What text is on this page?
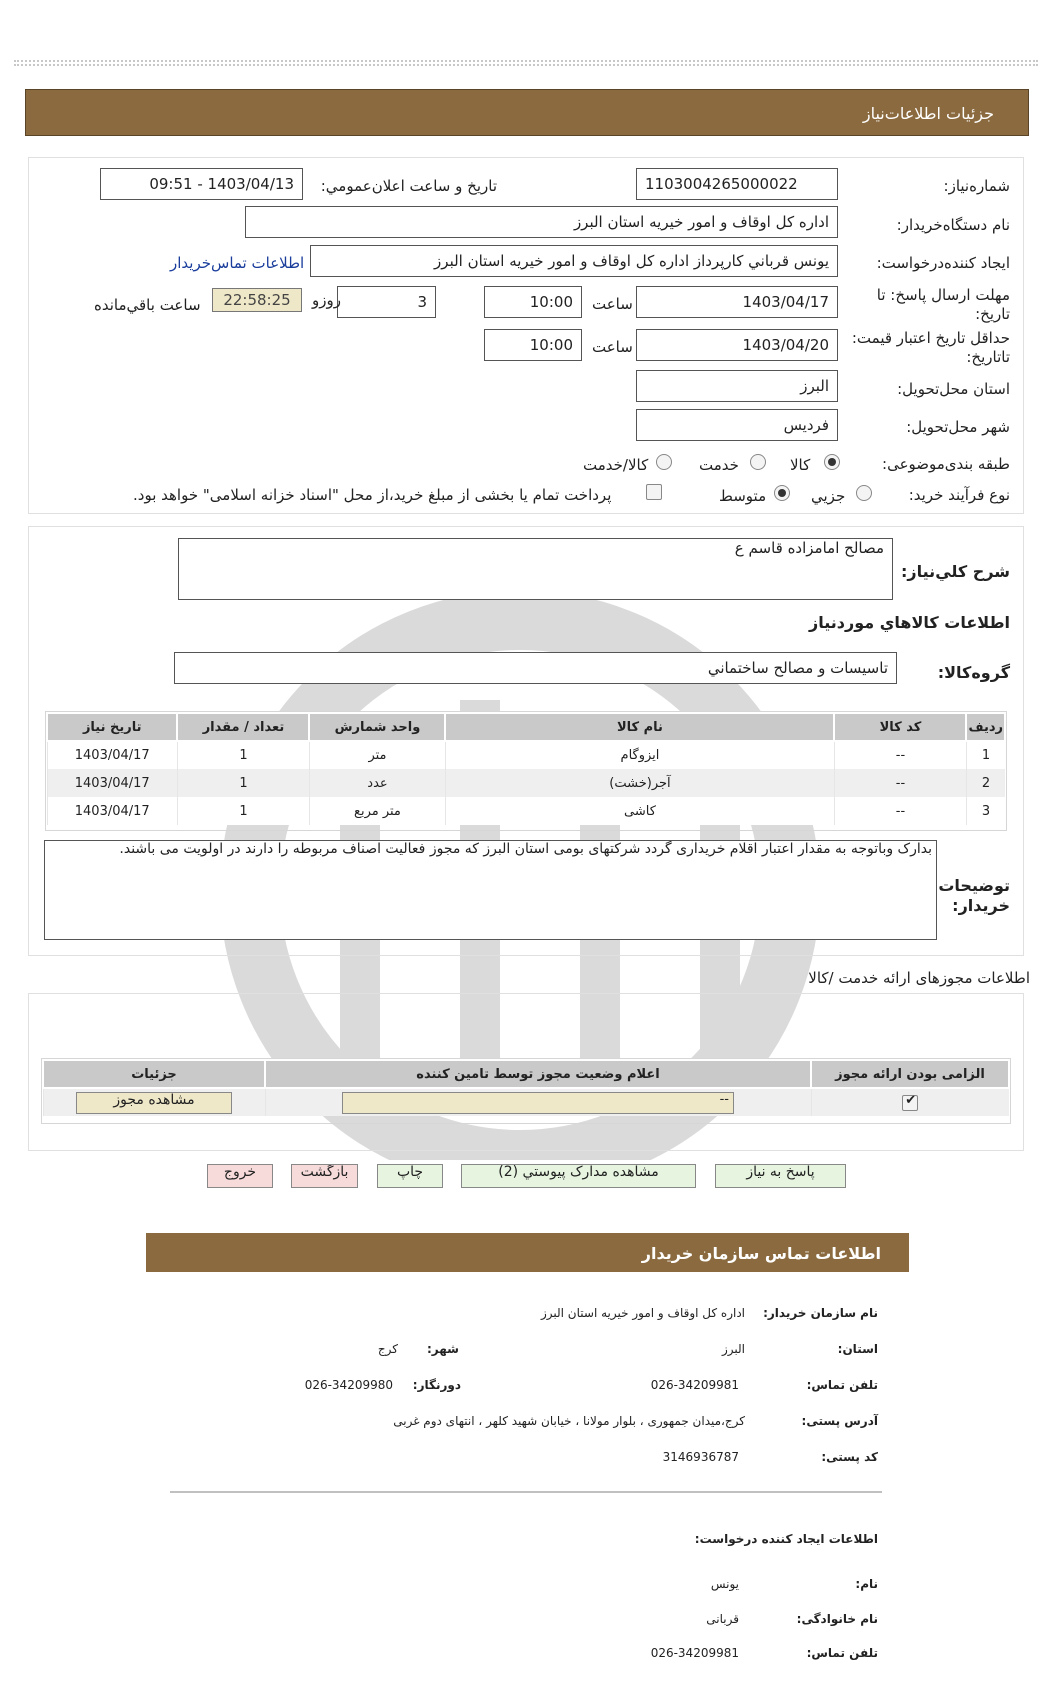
جزئیات اطلاعات‌نیاز
شماره‌نیاز:
1103004265000022
تاريخ و ساعت اعلان‌عمومي:
1403/04/13 - 09:51
نام دستگاه‌خريدار:
اداره کل اوقاف و امور خيريه استان البرز
ايجاد کننده‌درخواست:
يونس قرباني کارپرداز اداره کل اوقاف و امور خيريه استان البرز
اطلاعات تماس‌خريدار
مهلت ارسال پاسخ: تا تاريخ:
1403/04/17
ساعت
10:00
3
روزو
22:58:25
ساعت باقي‌مانده
حداقل تاريخ اعتبار قيمت: تاتاريخ:
1403/04/20
ساعت
10:00
استان محل‌تحويل:
البرز
شهر محل‌تحويل:
فرديس
طبقه بندی‌موضوعی:
کالا
خدمت
کالا/خدمت
نوع فرآيند خريد:
جزيي
متوسط
پرداخت تمام يا بخشی از مبلغ خريد،از محل "اسناد خزانه اسلامی" خواهد بود.
شرح کلي‌نياز:
مصالح امامزاده قاسم ع
اطلاعات کالاهاي موردنياز
گروه‌کالا:
تاسيسات و مصالح ساختماني
رديف	کد کالا	نام کالا	واحد شمارش	تعداد / مقدار	تاريخ نياز
1	--	ايزوگام	متر	1	1403/04/17
2	--	آجر(خشت)	عدد	1	1403/04/17
3	--	کاشی	متر مربع	1	1403/04/17
توضيحات خريدار:
بدارک وباتوجه به مقدار اعتبار اقلام خريداری گردد شرکتهای بومی استان البرز که مجوز فعاليت اصناف مربوطه را دارند در اولويت می باشند.
اطلاعات مجوزهای ارائه خدمت /کالا
الزامی بودن ارائه مجوز	اعلام وضعيت مجوز توسط تامين کننده	جزئيات

✔	--	مشاهده مجوز
پاسخ به نياز
مشاهده مدارک پيوستي (2)
چاپ
بازگشت
خروج
اطلاعات تماس سازمان خريدار
نام سازمان خريدار:
اداره کل اوقاف و امور خيريه استان البرز
استان:
البرز
شهر:
کرج
تلفن تماس:
026-34209981
دورنگار:
026-34209980
آدرس پستی:
کرج،ميدان جمهوری ، بلوار مولانا ، خيابان شهيد کلهر ، انتهای دوم غربی
کد پستی:
3146936787
اطلاعات ايجاد کننده درخواست:
نام:
يونس
نام خانوادگی:
قربانی
تلفن تماس:
026-34209981
